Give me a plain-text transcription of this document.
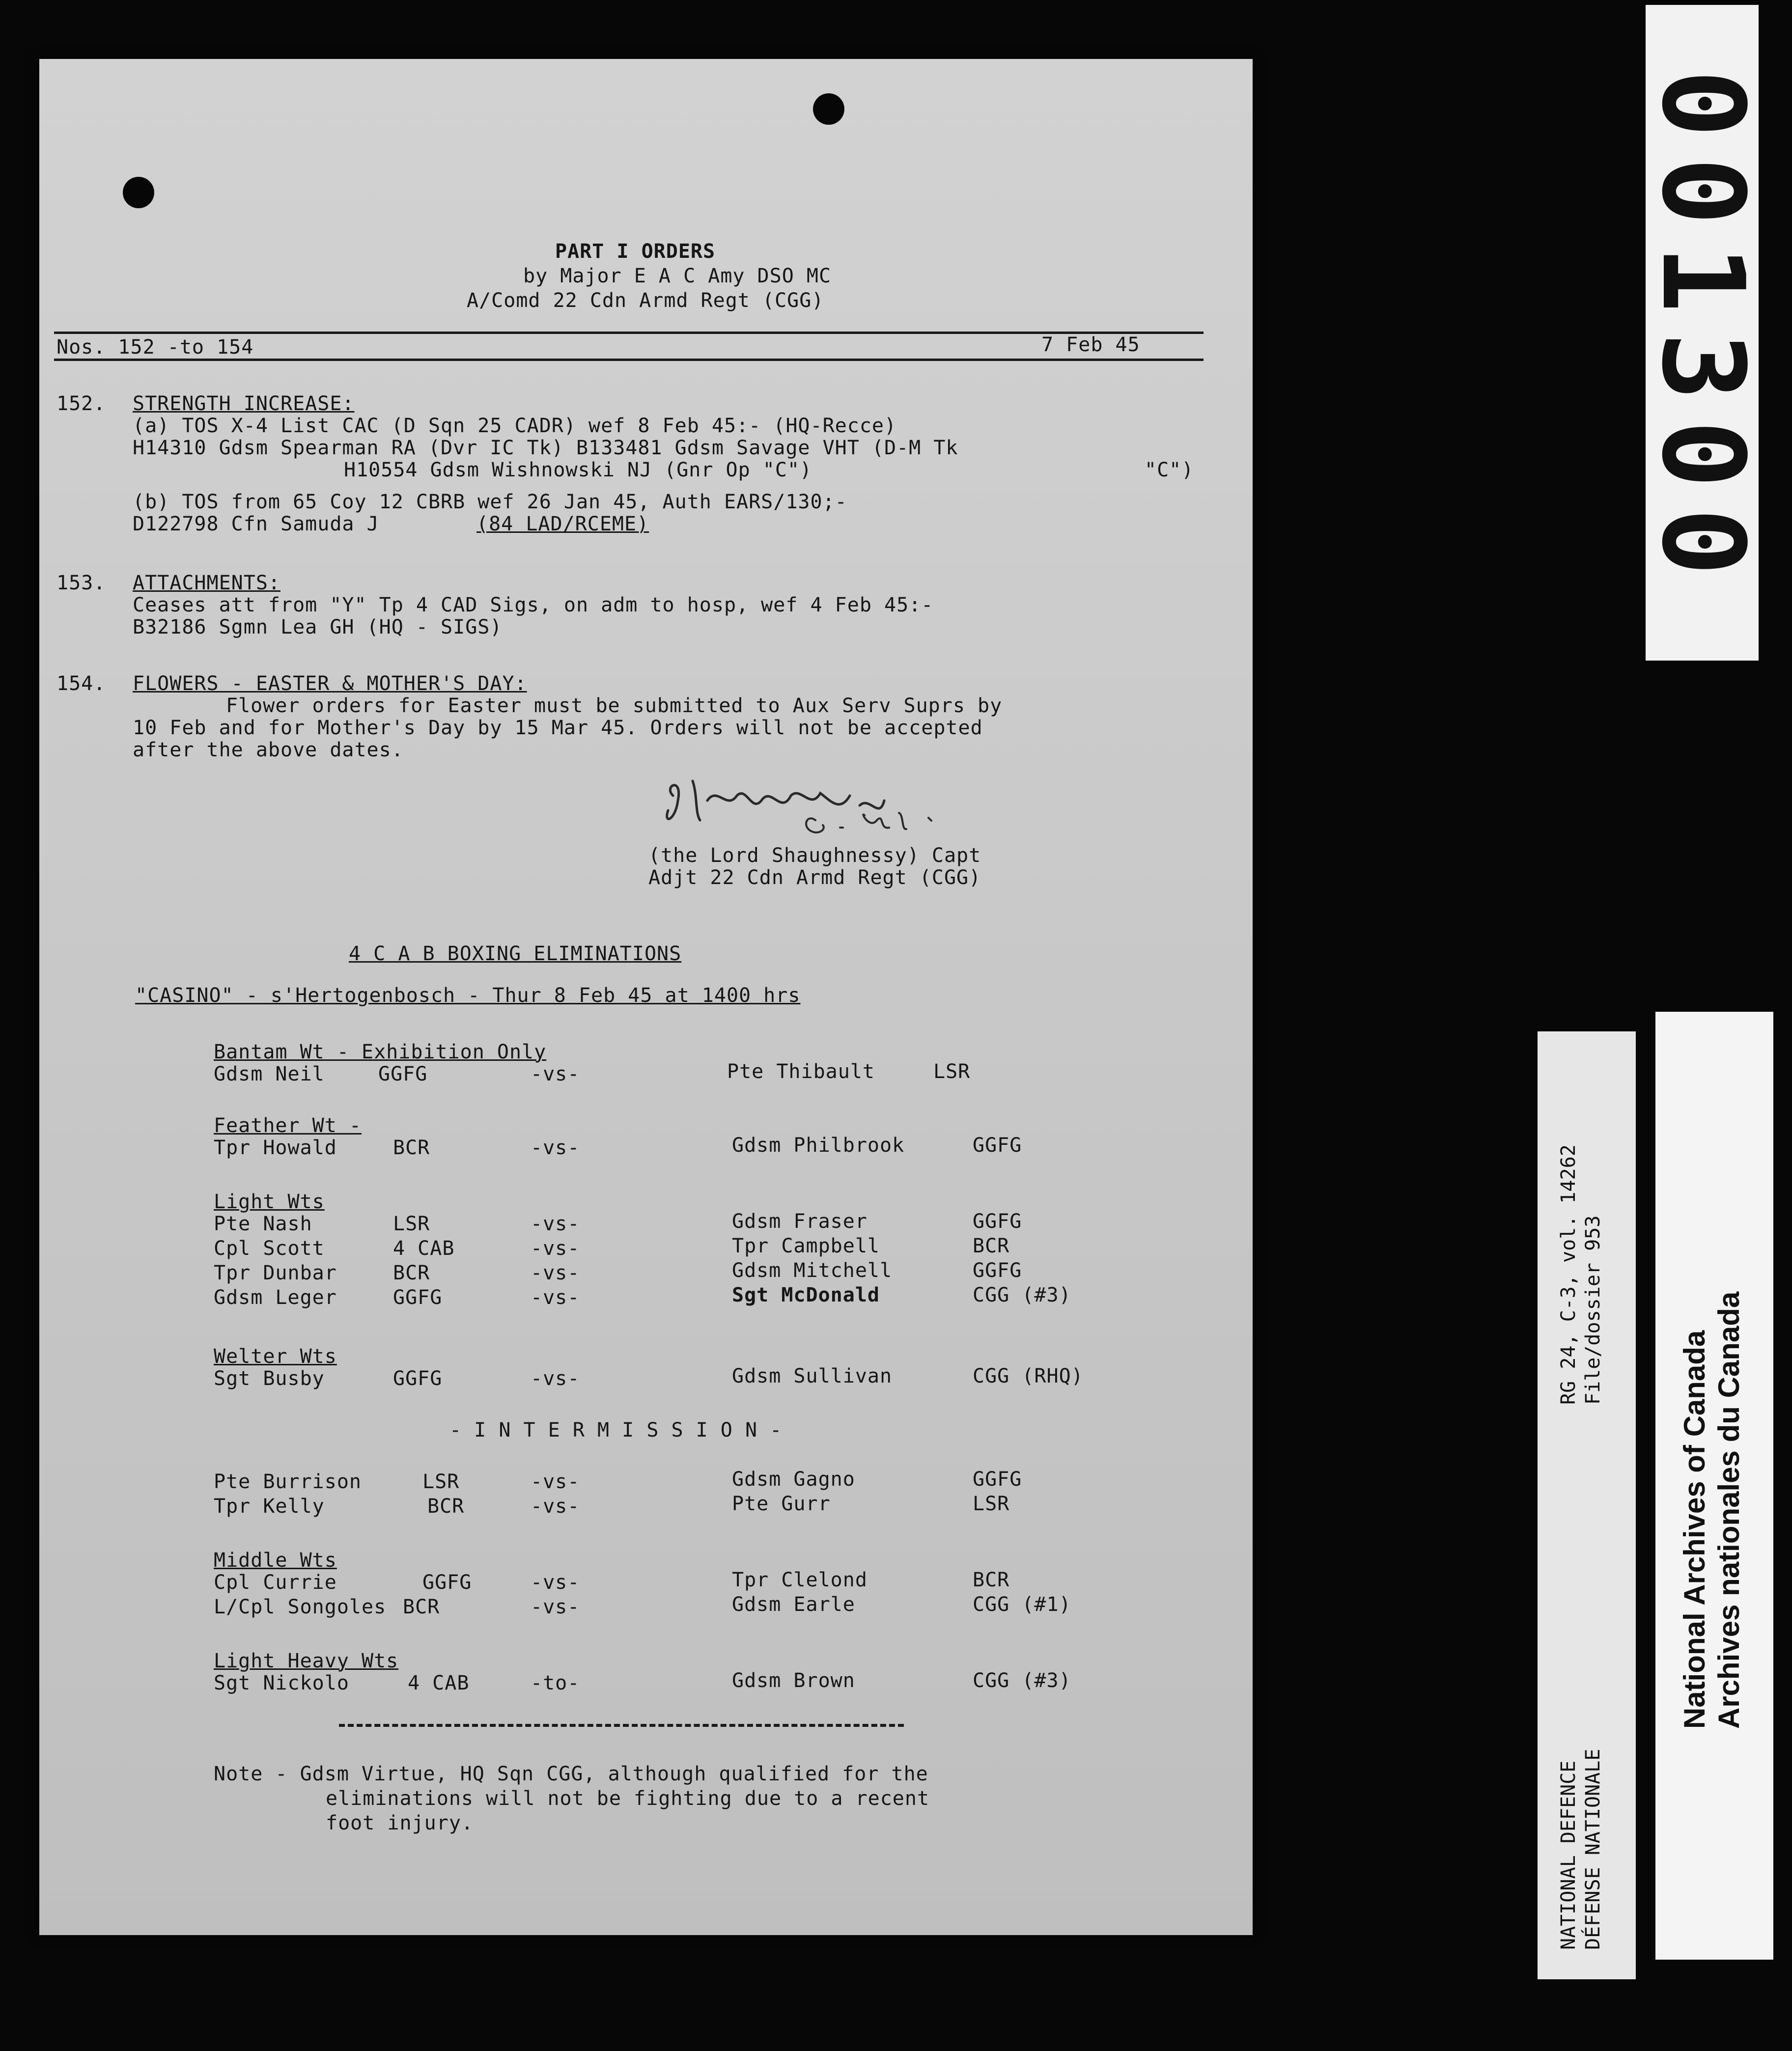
001300
PART I ORDERS
by Major E A C Amy DSO MC
A/Comd 22 Cdn Armd Regt (CGG)
Nos. 152 -to 154	7 Feb 45
152. STRENGTH INCREASE:
(a) TOS X-4 List CAC (D Sqn 25 CADR) wef 8 Feb 45:- (HQ-Recce)
H14310 Gdsm Spearman RA (Dvr IC Tk) B133481 Gdsm Savage VHT (D-M Tk
H10554 Gdsm Wishnowski NJ (Gnr Op "C")	"C")
(b) TOS from 65 Coy 12 CBRB wef 26 Jan 45, Auth EARS/130;-
D122798 Cfn Samuda J	(84 LAD/RCEME)
153. ATTACHMENTS:
Ceases att from "Y" Tp 4 CAD Sigs, on adm to hosp, wef 4 Feb 45:-
B32186 Sgmn Lea GH (HQ - SIGS)
154. FLOWERS - EASTER & MOTHER'S DAY:
Flower orders for Easter must be submitted to Aux Serv Suprs by
10 Feb and for Mother's Day by 15 Mar 45. Orders will not be accepted
after the above dates.
(the Lord Shaughnessy) Capt
Adjt 22 Cdn Armd Regt (CGG)
4 C A B BOXING ELIMINATIONS
"CASINO" - s'Hertogenbosch - Thur 8 Feb 45 at 1400 hrs
Bantam Wt - Exhibition Only
Gdsm Neil	GGFG	-vs-	Pte Thibault	LSR
Feather Wt -
Tpr Howald	BCR	-vs-	Gdsm Philbrook	GGFG
Light Wts
Pte Nash	LSR	-vs-	Gdsm Fraser	GGFG
Cpl Scott	4 CAB	-vs-	Tpr Campbell	BCR
Tpr Dunbar	BCR	-vs-	Gdsm Mitchell	GGFG
Gdsm Leger	GGFG	-vs-	Sgt McDonald	CGG (#3)
Welter Wts
Sgt Busby	GGFG	-vs-	Gdsm Sullivan	CGG (RHQ)
- I N T E R M I S S I O N -
Pte Burrison	LSR	-vs-	Gdsm Gagno	GGFG
Tpr Kelly	BCR	-vs-	Pte Gurr	LSR
Middle Wts
Cpl Currie	GGFG	-vs-	Tpr Clelond	BCR
L/Cpl Songoles BCR	-vs-	Gdsm Earle	CGG (#1)
Light Heavy Wts
Sgt Nickolo	4 CAB	-to-	Gdsm Brown	CGG (#3)
Note - Gdsm Virtue, HQ Sqn CGG, although qualified for the
eliminations will not be fighting due to a recent
foot injury.
RG 24, C-3, vol. 14262 File/dossier 953
NATIONAL DEFENCE DÉFENSE NATIONALE
National Archives of Canada Archives nationales du Canada
